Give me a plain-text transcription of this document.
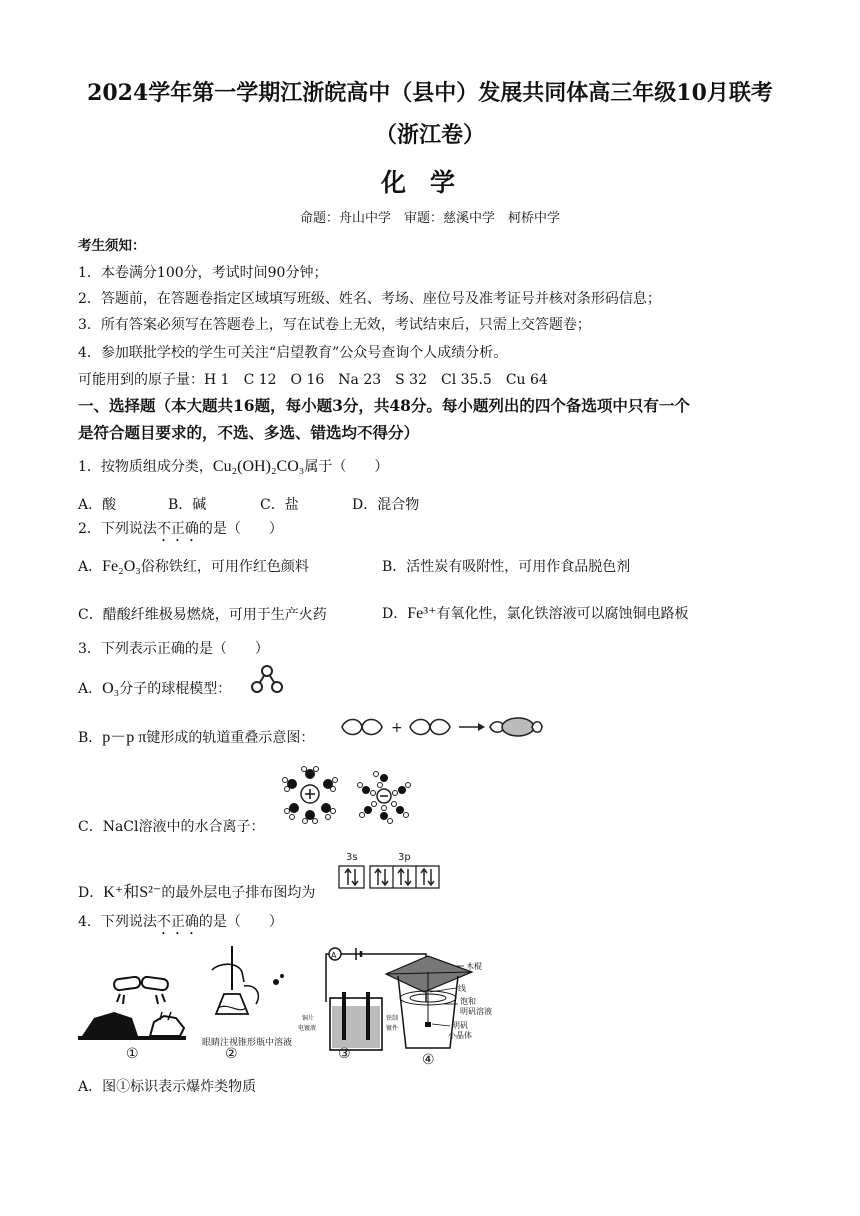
2024学年第一学期江浙皖高中（县中）发展共同体高三年级10月联考
（浙江卷）
化学
命题：舟山中学　审题：慈溪中学　柯桥中学
考生须知：
1．本卷满分100分，考试时间90分钟；
2．答题前，在答题卷指定区域填写班级、姓名、考场、座位号及准考证号并核对条形码信息；
3．所有答案必须写在答题卷上，写在试卷上无效，考试结束后，只需上交答题卷；
4．参加联批学校的学生可关注“启望教育”公众号查询个人成绩分析。
可能用到的原子量：H 1　C 12　O 16　Na 23　S 32　Cl 35.5　Cu 64
一、选择题（本大题共16题，每小题3分，共48分。每小题列出的四个备选项中只有一个
是符合题目要求的，不选、多选、错选均不得分）
1．按物质组成分类，Cu₂(OH)₂CO₃属于（　　）
A．酸	B．碱	C．盐	D．混合物
2．下列说法不正确的是（　　）
A．Fe₂O₃俗称铁红，可用作红色颜料	B．活性炭有吸附性，可用作食品脱色剂
C．醋酸纤维极易燃烧，可用于生产火药	D．Fe³⁺有氧化性，氯化铁溶液可以腐蚀铜电路板
3．下列表示正确的是（　　）
A．O₃分子的球棍模型：
B．p－p π键形成的轨道重叠示意图：
+
C．NaCl溶液中的水合离子：
D．K⁺和S²⁻的最外层电子排布图均为
3s	3p
4．下列说法不正确的是（　　）
①
眼睛注视锥形瓶中溶液
②
A
铜片
电镀液
铁制
镀件
③
木棍
线
饱和
明矾溶液
明矾
小晶体
④
A．图①标识表示爆炸类物质
